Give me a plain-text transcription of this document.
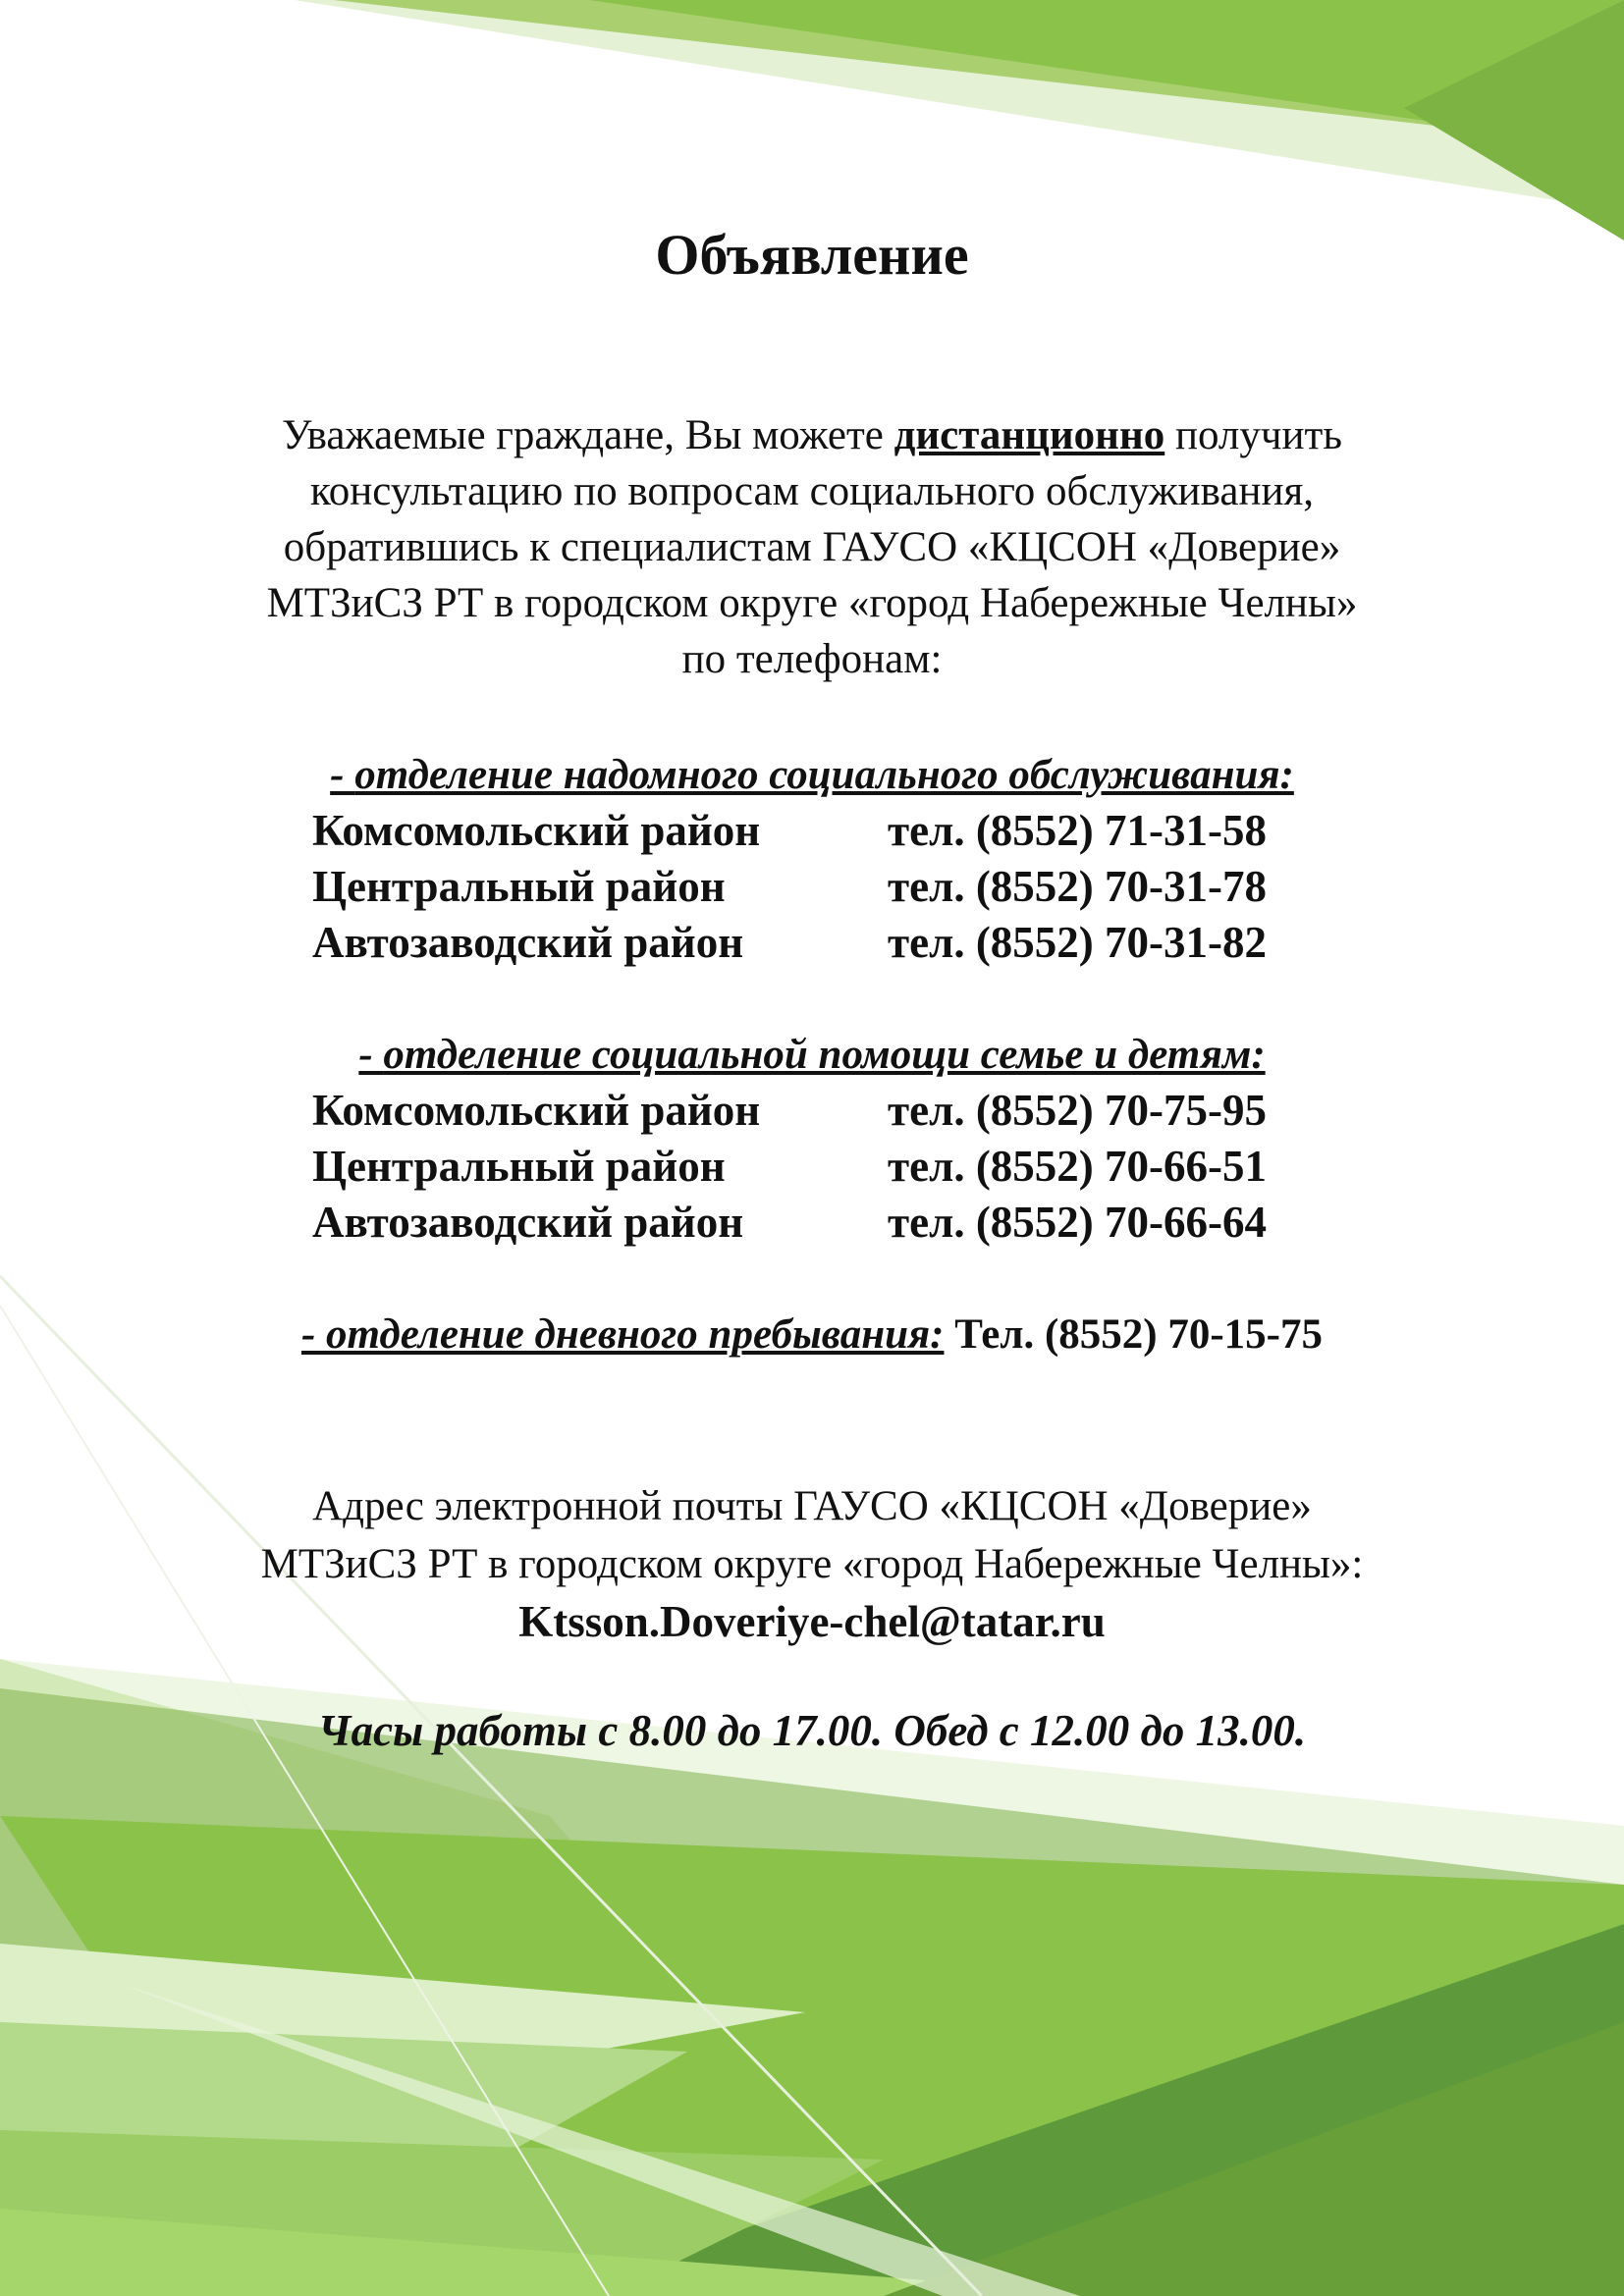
Объявление

Уважаемые граждане, Вы можете дистанционно получить
консультацию по вопросам социального обслуживания,
обратившись к специалистам ГАУСО «КЦСОН «Доверие»
МТЗиСЗ РТ в городском округе «город Набережные Челны»
по телефонам:

- отделение надомного социального обслуживания:

Комсомольский район	тел. (8552) 71-31-58
Центральный район	тел. (8552) 70-31-78
Автозаводский район	тел. (8552) 70-31-82

- отделение социальной помощи семье и детям:

Комсомольский район	тел. (8552) 70-75-95
Центральный район	тел. (8552) 70-66-51
Автозаводский район	тел. (8552) 70-66-64

- отделение дневного пребывания: Тел. (8552) 70-15-75

Адрес электронной почты ГАУСО «КЦСОН «Доверие»
МТЗиСЗ РТ в городском округе «город Набережные Челны»:
Ktsson.Doveriye-chel@tatar.ru

Часы работы с 8.00 до 17.00. Обед с 12.00 до 13.00.
